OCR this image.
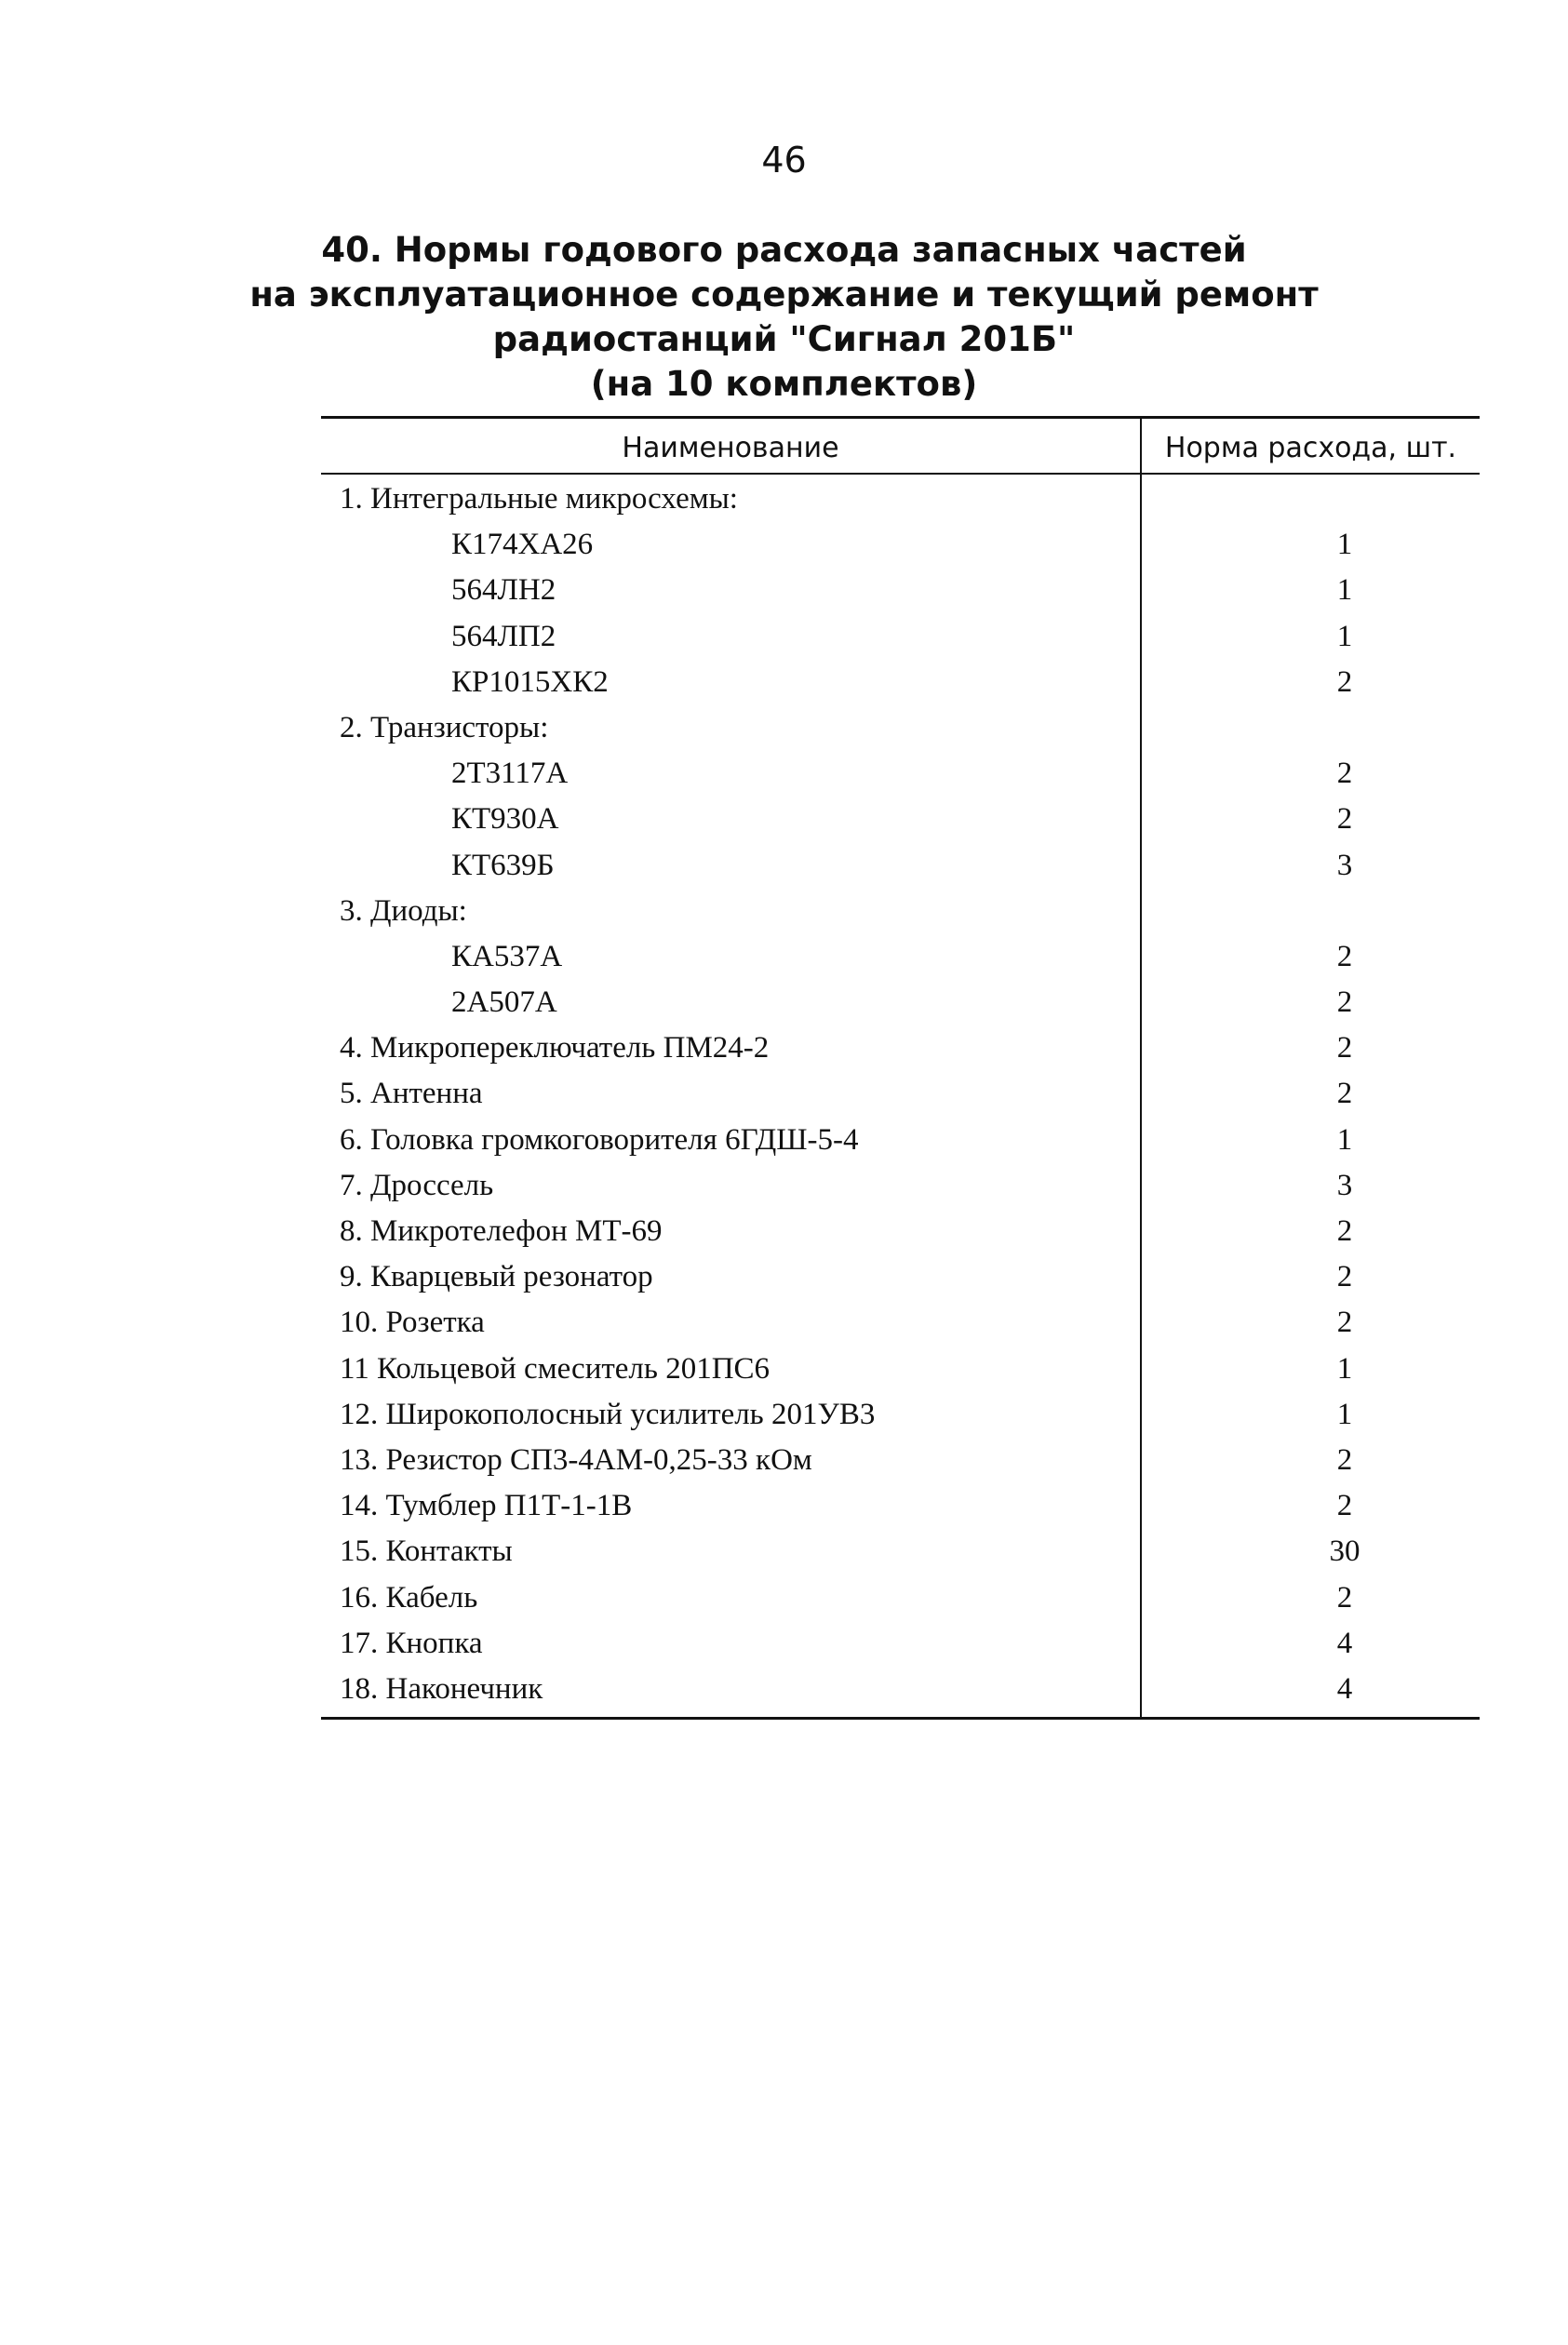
46
40. Нормы годового расхода запасных частей
на эксплуатационное содержание и текущий ремонт
радиостанций "Сигнал 201Б"
(на 10 комплектов)
Наименование	Норма расхода, шт.
1. Интегральные микросхемы:
К174ХА26	1
564ЛН2	1
564ЛП2	1
КР1015ХК2	2
2. Транзисторы:
2Т3117А	2
КТ930А	2
КТ639Б	3
3. Диоды:
КА537А	2
2А507А	2
4. Микропереключатель ПМ24-2	2
5. Антенна	2
6. Головка громкоговорителя 6ГДШ-5-4	1
7. Дроссель	3
8. Микротелефон МТ-69	2
9. Кварцевый резонатор	2
10. Розетка	2
11 Кольцевой смеситель 201ПС6	1
12. Широкополосный усилитель 201УВ3	1
13. Резистор СП3-4АМ-0,25-33 кОм	2
14. Тумблер П1Т-1-1В	2
15. Контакты	30
16. Кабель	2
17. Кнопка	4
18. Наконечник	4
